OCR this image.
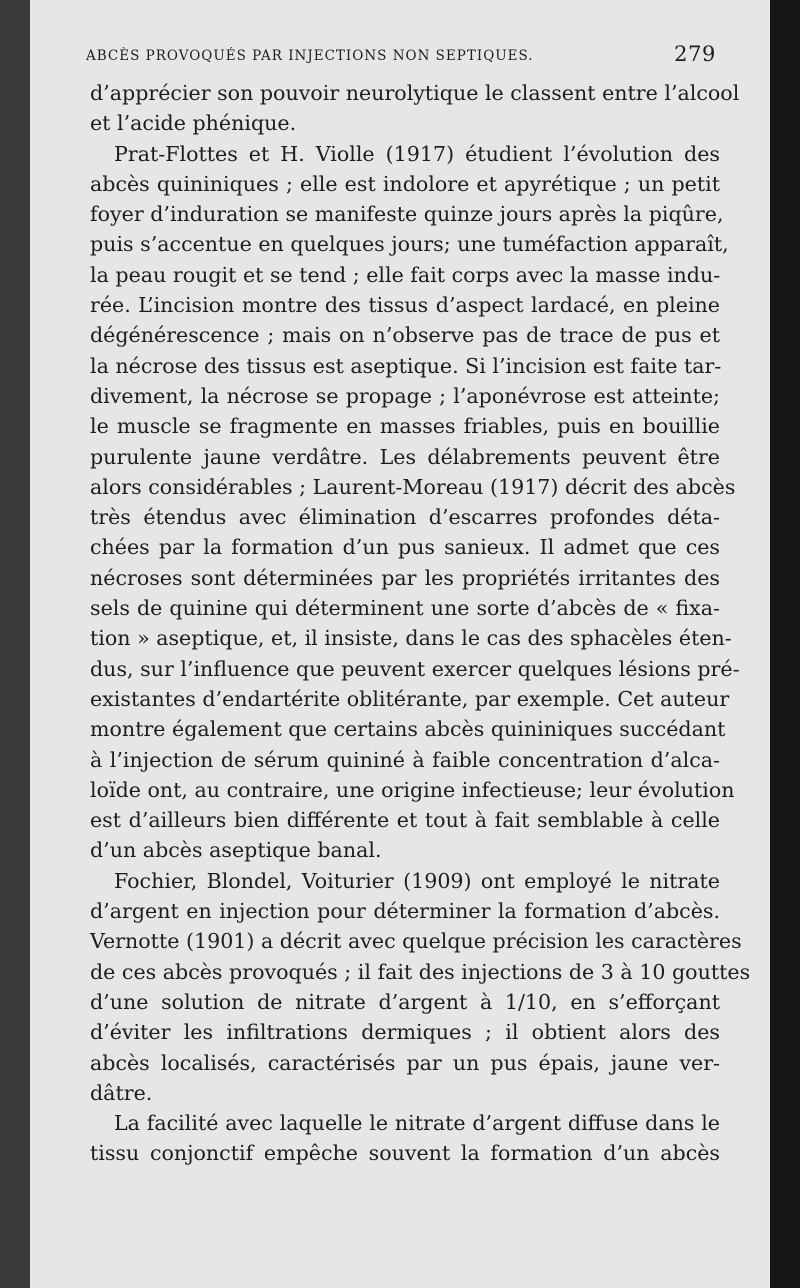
ABCÈS PROVOQUÉS PAR INJECTIONS NON SEPTIQUES.	279
d’apprécier son pouvoir neurolytique le classent entre l’alcool
et l’acide phénique.
Prat-Flottes et H. Violle (1917) étudient l’évolution des
abcès quininiques ; elle est indolore et apyrétique ; un petit
foyer d’induration se manifeste quinze jours après la piqûre,
puis s’accentue en quelques jours; une tuméfaction apparaît,
la peau rougit et se tend ; elle fait corps avec la masse indu-
rée. L’incision montre des tissus d’aspect lardacé, en pleine
dégénérescence ; mais on n’observe pas de trace de pus et
la nécrose des tissus est aseptique. Si l’incision est faite tar-
divement, la nécrose se propage ; l’aponévrose est atteinte;
le muscle se fragmente en masses friables, puis en bouillie
purulente jaune verdâtre. Les délabrements peuvent être
alors considérables ; Laurent-Moreau (1917) décrit des abcès
très étendus avec élimination d’escarres profondes déta-
chées par la formation d’un pus sanieux. Il admet que ces
nécroses sont déterminées par les propriétés irritantes des
sels de quinine qui déterminent une sorte d’abcès de « fixa-
tion » aseptique, et, il insiste, dans le cas des sphacèles éten-
dus, sur l’influence que peuvent exercer quelques lésions pré-
existantes d’endartérite oblitérante, par exemple. Cet auteur
montre également que certains abcès quininiques succédant
à l’injection de sérum quininé à faible concentration d’alca-
loïde ont, au contraire, une origine infectieuse; leur évolution
est d’ailleurs bien différente et tout à fait semblable à celle
d’un abcès aseptique banal.
Fochier, Blondel, Voiturier (1909) ont employé le nitrate
d’argent en injection pour déterminer la formation d’abcès.
Vernotte (1901) a décrit avec quelque précision les caractères
de ces abcès provoqués ; il fait des injections de 3 à 10 gouttes
d’une solution de nitrate d’argent à 1/10, en s’efforçant
d’éviter les infiltrations dermiques ; il obtient alors des
abcès localisés, caractérisés par un pus épais, jaune ver-
dâtre.
La facilité avec laquelle le nitrate d’argent diffuse dans le
tissu conjonctif empêche souvent la formation d’un abcès
